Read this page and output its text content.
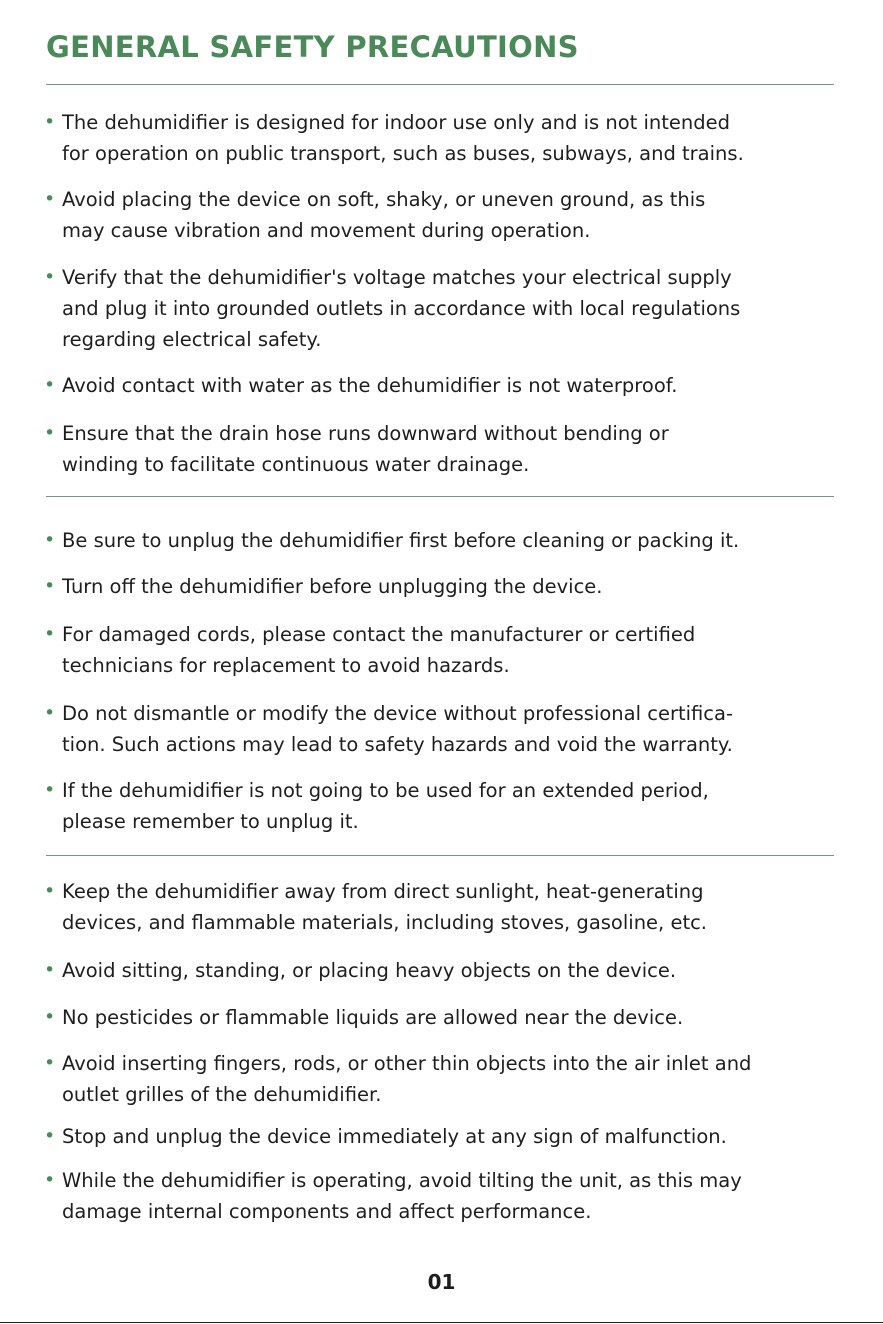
GENERAL SAFETY PRECAUTIONS
• The dehumidifier is designed for indoor use only and is not intended
for operation on public transport, such as buses, subways, and trains.
• Avoid placing the device on soft, shaky, or uneven ground, as this
may cause vibration and movement during operation.
• Verify that the dehumidifier's voltage matches your electrical supply
and plug it into grounded outlets in accordance with local regulations
regarding electrical safety.
• Avoid contact with water as the dehumidifier is not waterproof.
• Ensure that the drain hose runs downward without bending or
winding to facilitate continuous water drainage.
• Be sure to unplug the dehumidifier first before cleaning or packing it.
• Turn off the dehumidifier before unplugging the device.
• For damaged cords, please contact the manufacturer or certified
technicians for replacement to avoid hazards.
• Do not dismantle or modify the device without professional certifica-
tion. Such actions may lead to safety hazards and void the warranty.
• If the dehumidifier is not going to be used for an extended period,
please remember to unplug it.
• Keep the dehumidifier away from direct sunlight, heat-generating
devices, and flammable materials, including stoves, gasoline, etc.
• Avoid sitting, standing, or placing heavy objects on the device.
• No pesticides or flammable liquids are allowed near the device.
• Avoid inserting fingers, rods, or other thin objects into the air inlet and
outlet grilles of the dehumidifier.
• Stop and unplug the device immediately at any sign of malfunction.
• While the dehumidifier is operating, avoid tilting the unit, as this may
damage internal components and affect performance.
01
